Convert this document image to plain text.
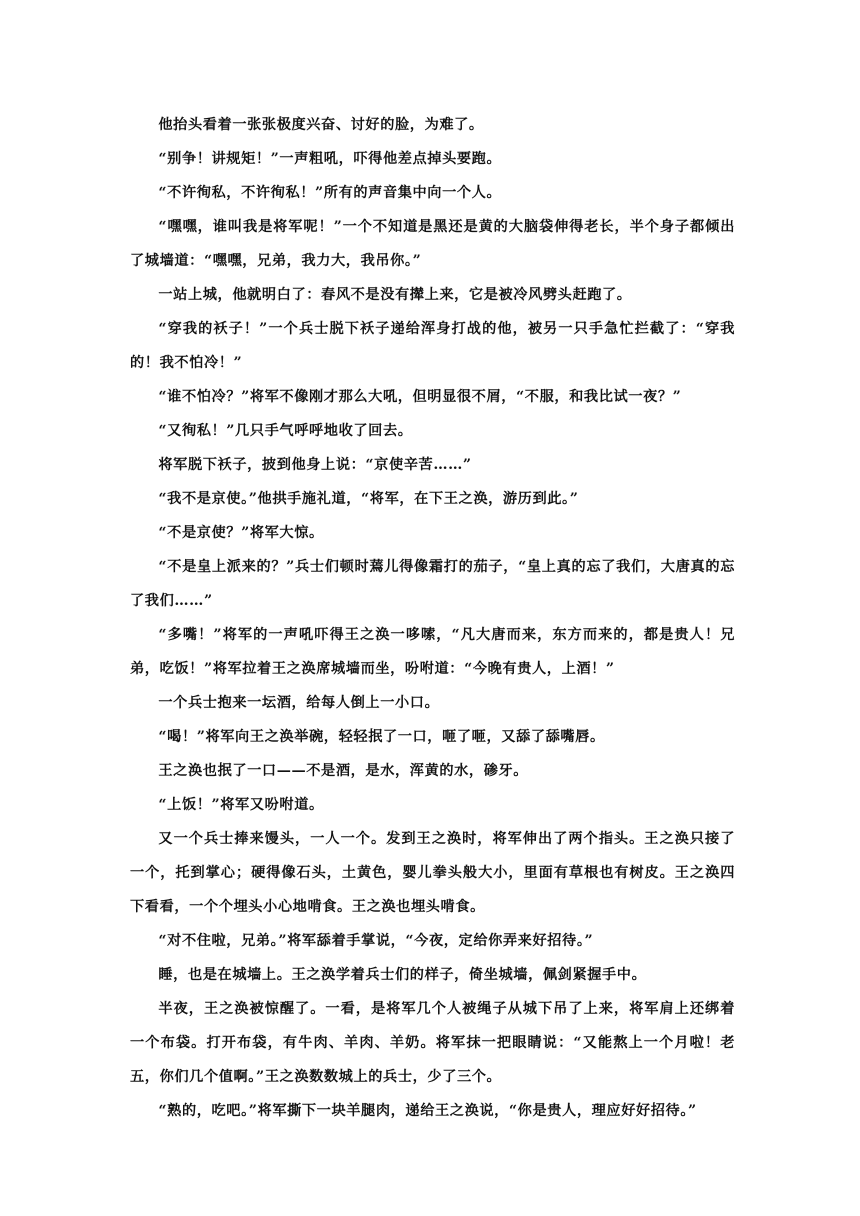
他抬头看着一张张极度兴奋、讨好的脸，为难了。

“别争！讲规矩！”一声粗吼，吓得他差点掉头要跑。

“不许徇私，不许徇私！”所有的声音集中向一个人。

“嘿嘿，谁叫我是将军呢！”一个不知道是黑还是黄的大脑袋伸得老长，半个身子都倾出了城墙道：“嘿嘿，兄弟，我力大，我吊你。”

一站上城，他就明白了：春风不是没有撵上来，它是被冷风劈头赶跑了。

“穿我的袄子！”一个兵士脱下袄子递给浑身打战的他，被另一只手急忙拦截了：“穿我的！我不怕冷！”

“谁不怕冷？”将军不像刚才那么大吼，但明显很不屑，“不服，和我比试一夜？”

“又徇私！”几只手气呼呼地收了回去。

将军脱下袄子，披到他身上说：“京使辛苦……”

“我不是京使。”他拱手施礼道，“将军，在下王之涣，游历到此。”

“不是京使？”将军大惊。

“不是皇上派来的？”兵士们顿时蔫儿得像霜打的茄子，“皇上真的忘了我们，大唐真的忘了我们……”

“多嘴！”将军的一声吼吓得王之涣一哆嗦，“凡大唐而来，东方而来的，都是贵人！兄弟，吃饭！”将军拉着王之涣席城墙而坐，吩咐道：“今晚有贵人，上酒！”

一个兵士抱来一坛酒，给每人倒上一小口。

“喝！”将军向王之涣举碗，轻轻抿了一口，咂了咂，又舔了舔嘴唇。

王之涣也抿了一口——不是酒，是水，浑黄的水，碜牙。

“上饭！”将军又吩咐道。

又一个兵士捧来馒头，一人一个。发到王之涣时，将军伸出了两个指头。王之涣只接了一个，托到掌心；硬得像石头，土黄色，婴儿拳头般大小，里面有草根也有树皮。王之涣四下看看，一个个埋头小心地啃食。王之涣也埋头啃食。

“对不住啦，兄弟。”将军舔着手掌说，“今夜，定给你弄来好招待。”

睡，也是在城墙上。王之涣学着兵士们的样子，倚坐城墙，佩剑紧握手中。

半夜，王之涣被惊醒了。一看，是将军几个人被绳子从城下吊了上来，将军肩上还绑着一个布袋。打开布袋，有牛肉、羊肉、羊奶。将军抹一把眼睛说：“又能熬上一个月啦！老五，你们几个值啊。”王之涣数数城上的兵士，少了三个。

“熟的，吃吧。”将军撕下一块羊腿肉，递给王之涣说，“你是贵人，理应好好招待。”
